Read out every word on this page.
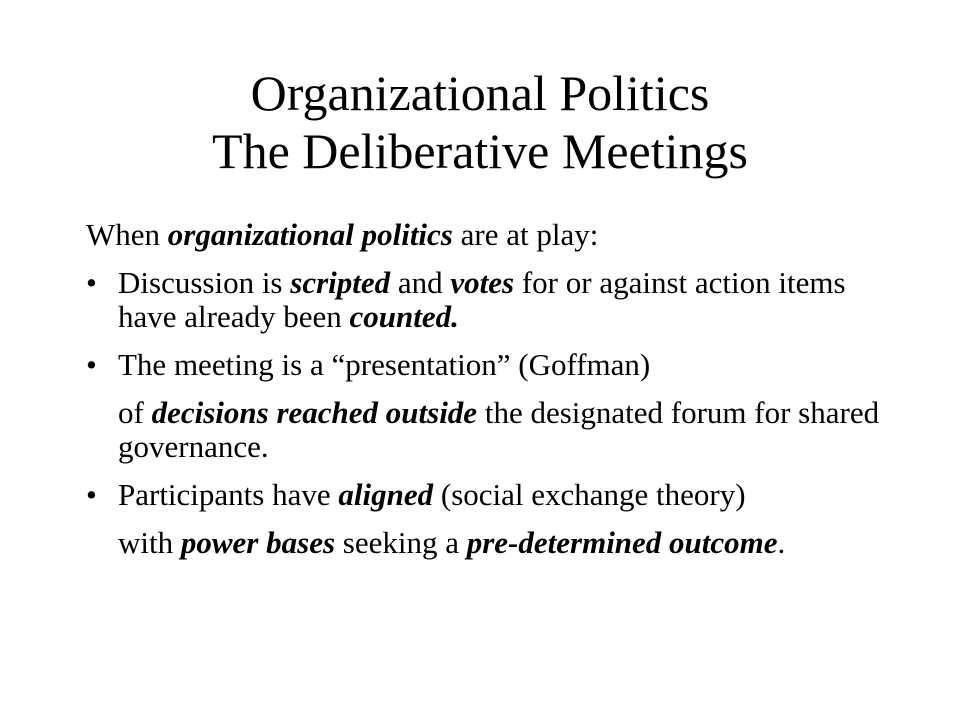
Organizational Politics
The Deliberative Meetings
When organizational politics are at play:
• Discussion is scripted and votes for or against action items have already been counted.
• The meeting is a “presentation” (Goffman)
of decisions reached outside the designated forum for shared governance.
• Participants have aligned (social exchange theory)
with power bases seeking a pre-determined outcome.
